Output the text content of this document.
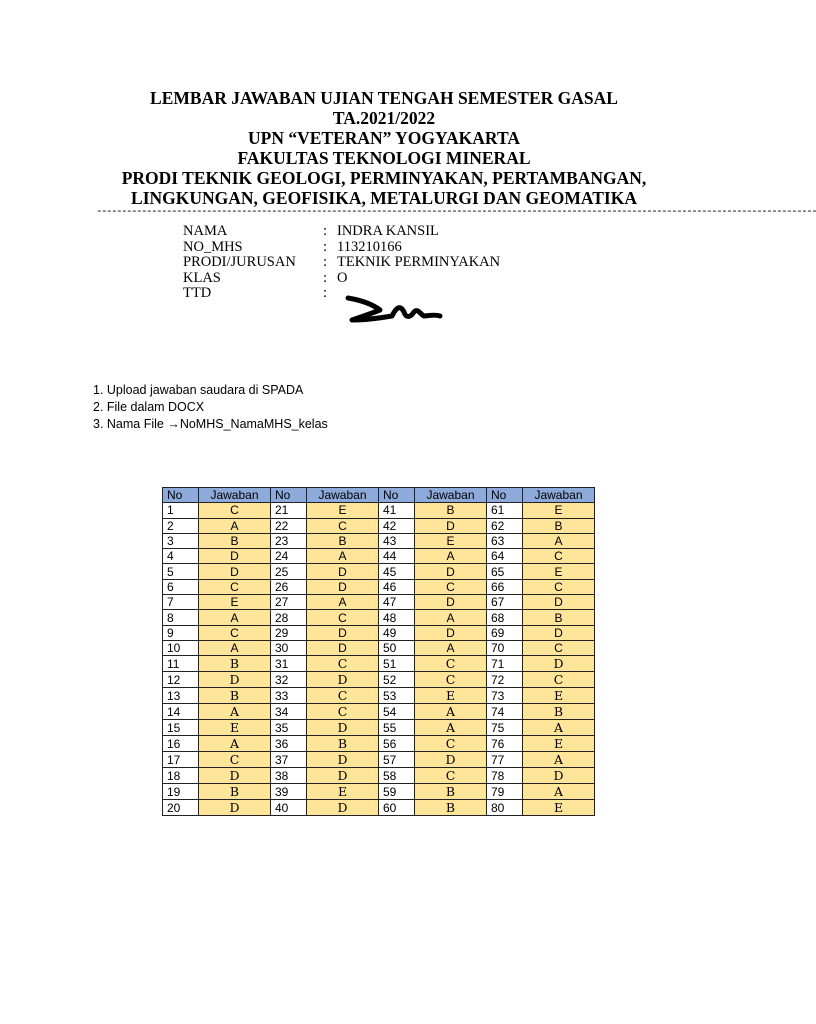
LEMBAR JAWABAN UJIAN TENGAH SEMESTER GASAL
TA.2021/2022
UPN “VETERAN” YOGYAKARTA
FAKULTAS TEKNOLOGI MINERAL
PRODI TEKNIK GEOLOGI, PERMINYAKAN, PERTAMBANGAN,
LINGKUNGAN, GEOFISIKA, METALURGI DAN GEOMATIKA
------------------------------------------------------------------------------------------------------------------------------------------------
NAMA	: INDRA KANSIL
NO_MHS	: 113210166
PRODI/JURUSAN	: TEKNIK PERMINYAKAN
KLAS	: O
TTD	:
1. Upload jawaban saudara di SPADA
2. File dalam DOCX
3. Nama File →NoMHS_NamaMHS_kelas
No	Jawaban	No	Jawaban	No	Jawaban	No	Jawaban
1	C	21	E	41	B	61	E
2	A	22	C	42	D	62	B
3	B	23	B	43	E	63	A
4	D	24	A	44	A	64	C
5	D	25	D	45	D	65	E
6	C	26	D	46	C	66	C
7	E	27	A	47	D	67	D
8	A	28	C	48	A	68	B
9	C	29	D	49	D	69	D
10	A	30	D	50	A	70	C
11	B	31	C	51	C	71	D
12	D	32	D	52	C	72	C
13	B	33	C	53	E	73	E
14	A	34	C	54	A	74	B
15	E	35	D	55	A	75	A
16	A	36	B	56	C	76	E
17	C	37	D	57	D	77	A
18	D	38	D	58	C	78	D
19	B	39	E	59	B	79	A
20	D	40	D	60	B	80	E
